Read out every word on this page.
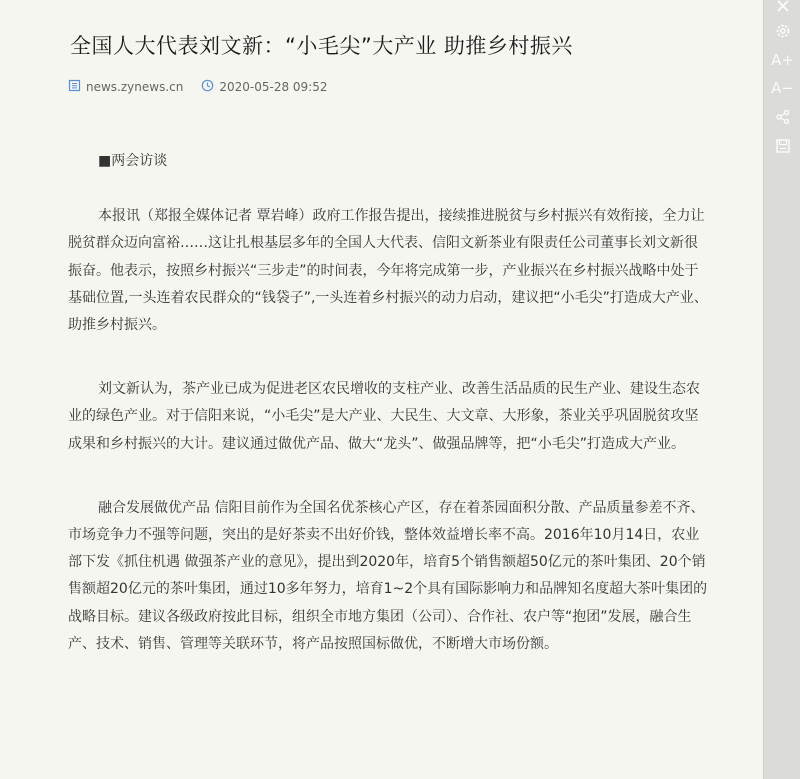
全国人大代表刘文新：“小毛尖”大产业 助推乡村振兴
news.zynews.cn	2020-05-28 09:52

■两会访谈

本报讯（郑报全媒体记者 覃岩峰）政府工作报告提出，接续推进脱贫与乡村振兴有效衔接，全力让脱贫群众迈向富裕……这让扎根基层多年的全国人大代表、信阳文新茶业有限责任公司董事长刘文新很振奋。他表示，按照乡村振兴“三步走”的时间表，今年将完成第一步，产业振兴在乡村振兴战略中处于基础位置,一头连着农民群众的“钱袋子”,一头连着乡村振兴的动力启动，建议把“小毛尖”打造成大产业、助推乡村振兴。

刘文新认为，茶产业已成为促进老区农民增收的支柱产业、改善生活品质的民生产业、建设生态农业的绿色产业。对于信阳来说，“小毛尖”是大产业、大民生、大文章、大形象，茶业关乎巩固脱贫攻坚成果和乡村振兴的大计。建议通过做优产品、做大“龙头”、做强品牌等，把“小毛尖”打造成大产业。

融合发展做优产品 信阳目前作为全国名优茶核心产区，存在着茶园面积分散、产品质量参差不齐、市场竞争力不强等问题，突出的是好茶卖不出好价钱，整体效益增长率不高。2016年10月14日，农业部下发《抓住机遇 做强茶产业的意见》，提出到2020年，培育5个销售额超50亿元的茶叶集团、20个销售额超20亿元的茶叶集团，通过10多年努力，培育1~2个具有国际影响力和品牌知名度超大茶叶集团的战略目标。建议各级政府按此目标，组织全市地方集团（公司）、合作社、农户等“抱团”发展，融合生产、技术、销售、管理等关联环节，将产品按照国标做优，不断增大市场份额。

A+
A−
